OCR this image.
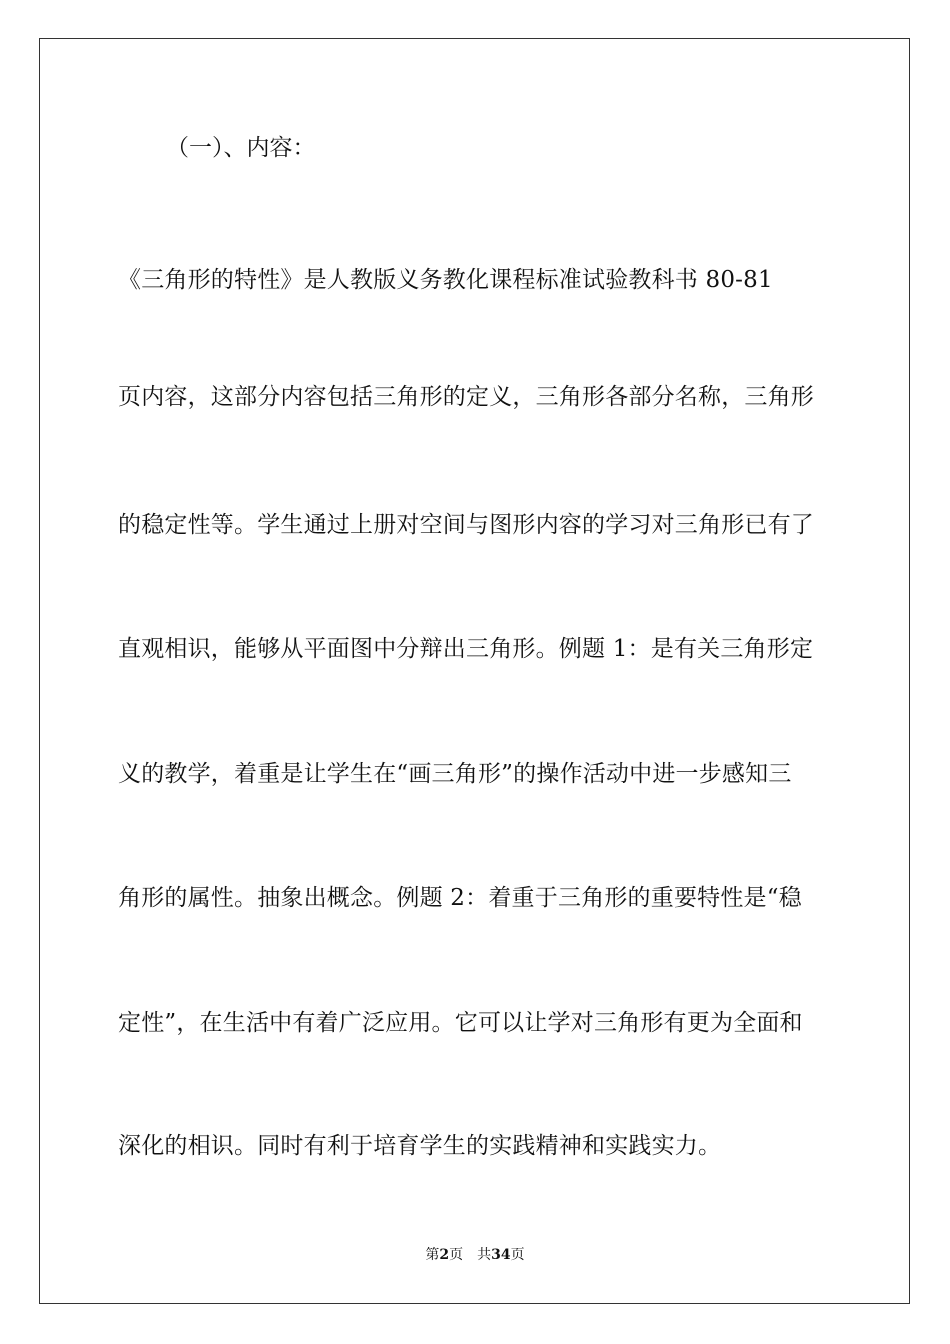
（一）、内容：
《三角形的特性》是人教版义务教化课程标准试验教科书 80-81
页内容，这部分内容包括三角形的定义，三角形各部分名称，三角形
的稳定性等。学生通过上册对空间与图形内容的学习对三角形已有了
直观相识，能够从平面图中分辩出三角形。例题 1：是有关三角形定
义的教学，着重是让学生在“画三角形”的操作活动中进一步感知三
角形的属性。抽象出概念。例题 2：着重于三角形的重要特性是“稳
定性”，在生活中有着广泛应用。它可以让学对三角形有更为全面和
深化的相识。同时有利于培育学生的实践精神和实践实力。
第2页 共34页
